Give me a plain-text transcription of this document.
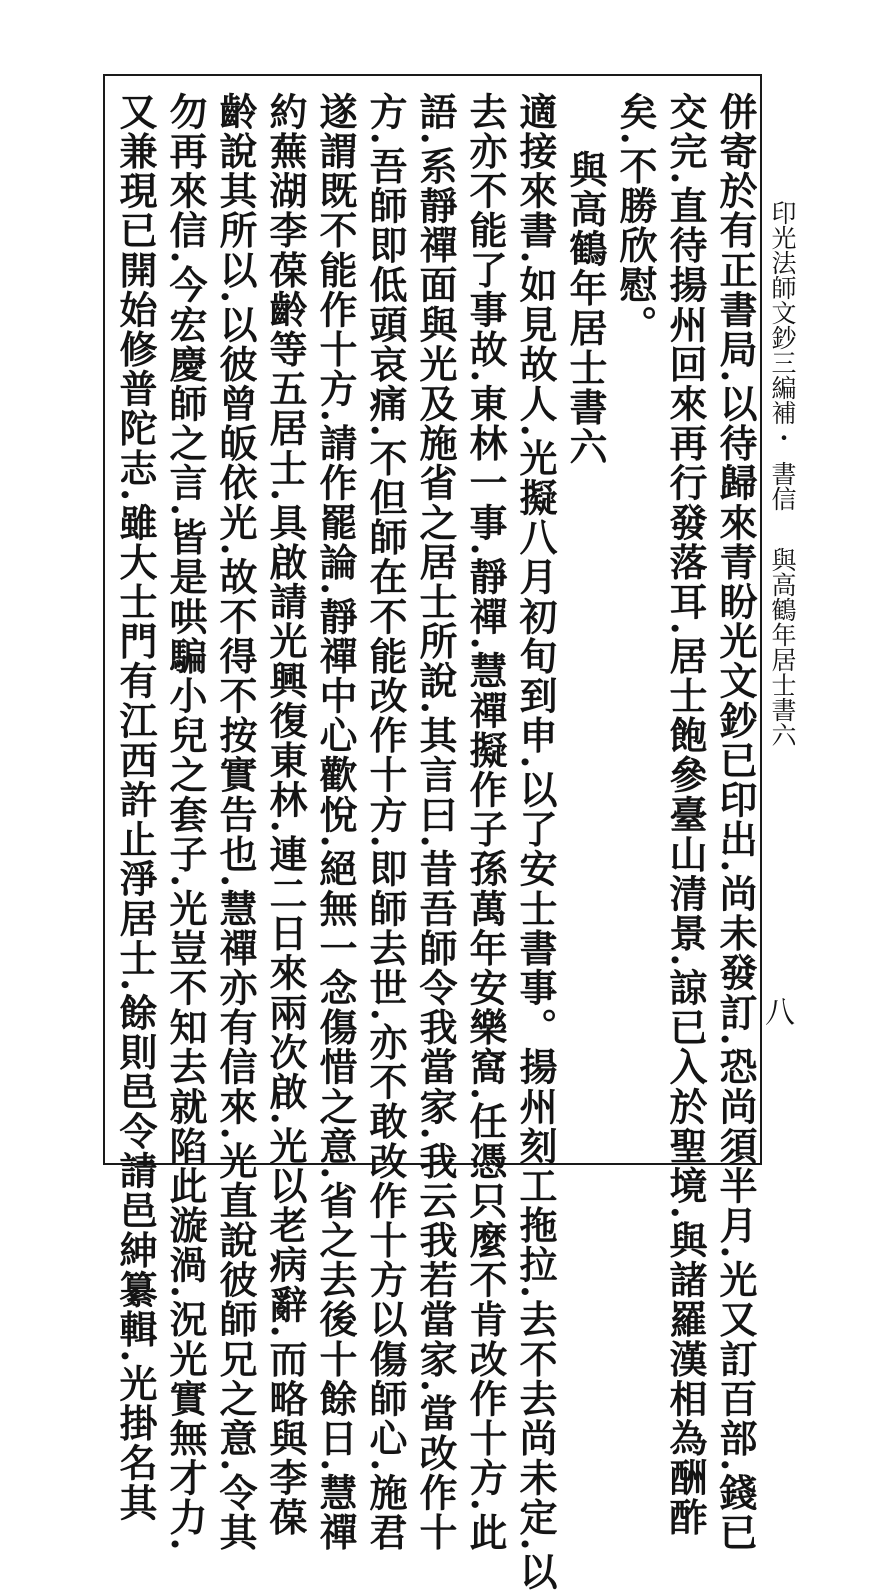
印光法師文鈔三編補・書信　與高鶴年居士書六
八
併寄於有正書局.以待歸來青盼光文鈔已印出.尚未發訂.恐尚須半月.光又訂百部.錢已
交完.直待揚州回來再行發落耳.居士飽參臺山清景.諒已入於聖境.與諸羅漢相為酬酢
矣.不勝欣慰。
與高鶴年居士書六
適接來書.如見故人.光擬八月初旬到申.以了安士書事。揚州刻工拖拉.去不去尚未定.以
去亦不能了事故.東林一事.靜禪.慧禪擬作子孫萬年安樂窩.任憑只麼不肯改作十方.此
語.系靜禪面與光及施省之居士所說.其言曰.昔吾師令我當家.我云我若當家.當改作十
方.吾師即低頭哀痛.不但師在不能改作十方.即師去世.亦不敢改作十方以傷師心.施君
遂謂既不能作十方.請作罷論.靜禪中心歡悅.絕無一念傷惜之意.省之去後十餘日.慧禪
約蕪湖李葆齡等五居士.具啟請光興復東林.連二日來兩次啟.光以老病辭.而略與李葆
齡說其所以.以彼曾皈依光.故不得不按實告也.慧禪亦有信來.光直說彼師兄之意.令其
勿再來信.今宏慶師之言.皆是哄騙小兒之套子.光豈不知去就陷此漩渦.況光實無才力.
又兼現已開始修普陀志.雖大士門有江西許止淨居士.餘則邑令請邑紳纂輯.光掛名其
